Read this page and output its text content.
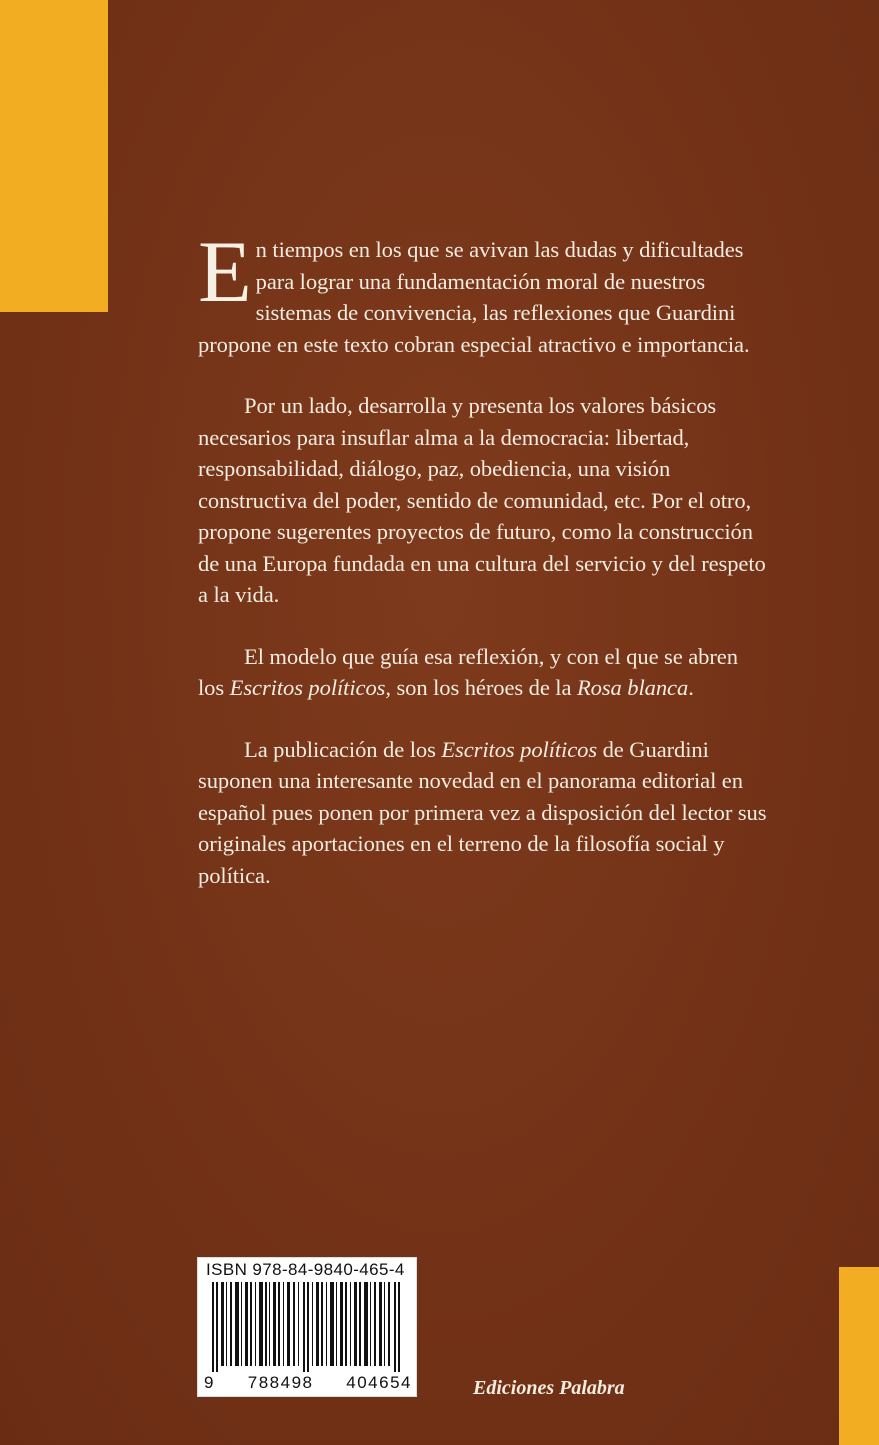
E n tiempos en los que se avivan las dudas y dificultades para lograr una fundamentación moral de nuestros sistemas de convivencia, las reflexiones que Guardini propone en este texto cobran especial atractivo e importancia.

Por un lado, desarrolla y presenta los valores básicos necesarios para insuflar alma a la democracia: libertad, responsabilidad, diálogo, paz, obediencia, una visión constructiva del poder, sentido de comunidad, etc. Por el otro, propone sugerentes proyectos de futuro, como la construcción de una Europa fundada en una cultura del servicio y del respeto a la vida.

El modelo que guía esa reflexión, y con el que se abren los Escritos políticos, son los héroes de la Rosa blanca.

La publicación de los Escritos políticos de Guardini suponen una interesante novedad en el panorama editorial en español pues ponen por primera vez a disposición del lector sus originales aportaciones en el terreno de la filosofía social y política.

ISBN 978-84-9840-465-4
9 788498 404654	Ediciones Palabra
